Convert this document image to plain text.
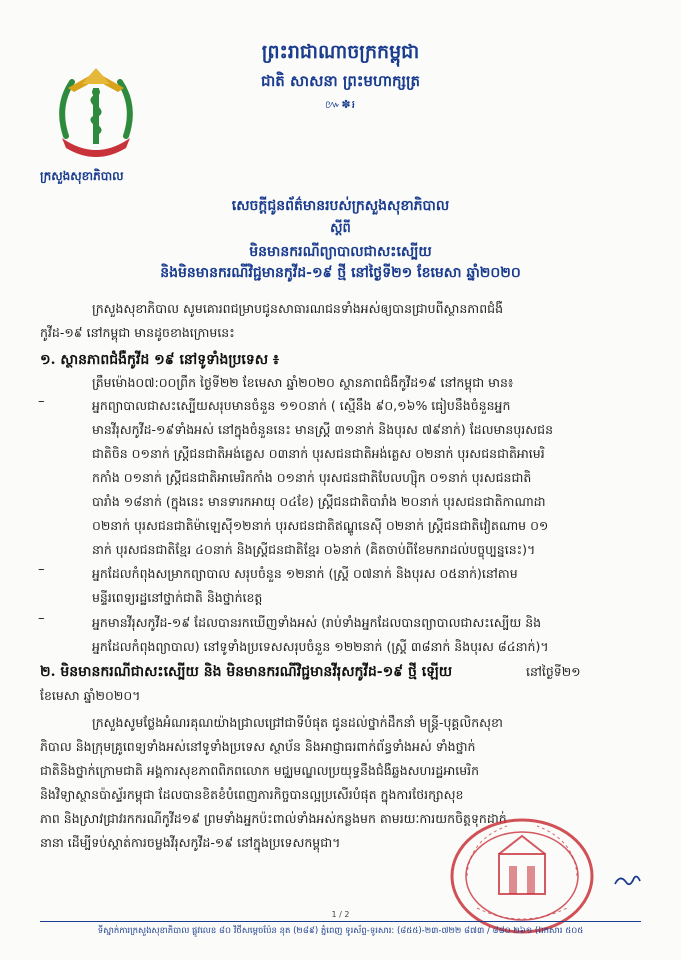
ក្រសួងសុខាភិបាល
ព្រះរាជាណាចក្រកម្ពុជា
ជាតិ សាសនា ព្រះមហាក្សត្រ
៚✽៛
សេចក្តីជូនព័ត៌មានរបស់ក្រសួងសុខាភិបាល
ស្តីពី
មិនមានករណីព្យាបាលជាសះស្បើយ
និងមិនមានករណីវិជ្ជមានកូវីដ-១៩ ថ្មី នៅថ្ងៃទី២១ ខែមេសា ឆ្នាំ២០២០
ក្រសួងសុខាភិបាល សូមគោរពជម្រាបជូនសាធារណជនទាំងអស់ឲ្យបានជ្រាបពីស្ថានភាពជំងឺ
កូវីដ-១៩ នៅកម្ពុជា មានដូចខាងក្រោមនេះ
១. ស្ថានភាពជំងឺកូវីដ ១៩ នៅទូទាំងប្រទេស ៖
ត្រឹមម៉ោង០៧:០០ព្រឹក ថ្ងៃទី២២ ខែមេសា ឆ្នាំ២០២០ ស្ថានភាពជំងឺកូវីដ១៩ នៅកម្ពុជា មាន៖
–	អ្នកព្យាបាលជាសះស្បើយសរុបមានចំនួន ១១០នាក់ ( ស្មើនឹង ៩០,១៦% ធៀបនឹងចំនួនអ្នក
មានវីរុសកូវីដ-១៩ទាំងអស់ នៅក្នុងចំនួននេះ មានស្ត្រី ៣១នាក់ និងបុរស ៧៩នាក់) ដែលមានបុរសជន
ជាតិចិន ០១នាក់ ស្ត្រីជនជាតិអង់គ្លេស ០៣នាក់ បុរសជនជាតិអង់គ្លេស ០២នាក់ បុរសជនជាតិអាមេរិ
កកាំង ០១នាក់ ស្ត្រីជនជាតិអាមេរិកកាំង ០១នាក់ បុរសជនជាតិបែលហ្ស៊ិក ០១នាក់ បុរសជនជាតិ
បារាំង ១៨នាក់ (ក្នុងនេះ មានទារកអាយុ ០៤ខែ) ស្ត្រីជនជាតិបារាំង ២០នាក់ បុរសជនជាតិកាណាដា
០២នាក់ បុរសជនជាតិម៉ាឡេស៊ី១២នាក់ បុរសជនជាតិឥណ្ឌូនេស៊ី ០២នាក់ ស្ត្រីជនជាតិវៀតណាម ០១
នាក់ បុរសជនជាតិខ្មែរ ៤០នាក់ និងស្ត្រីជនជាតិខ្មែរ ០៦នាក់ (គិតចាប់ពីខែមករាដល់បច្ចុប្បន្ននេះ)។
–	អ្នកដែលកំពុងសម្រាកព្យាបាល សរុបចំនួន ១២នាក់ (ស្ត្រី ០៧នាក់ និងបុរស ០៥នាក់)នៅតាម
មន្ទីរពេទ្យរដ្ឋនៅថ្នាក់ជាតិ និងថ្នាក់ខេត្ត
–	អ្នកមានវីរុសកូវីដ-១៩ ដែលបានរកឃើញទាំងអស់ (រាប់ទាំងអ្នកដែលបានព្យាបាលជាសះស្បើយ និង
អ្នកដែលកំពុងព្យាបាល) នៅទូទាំងប្រទេសសរុបចំនួន ១២២នាក់ (ស្ត្រី ៣៨នាក់ និងបុរស ៨៤នាក់)។
២. មិនមានករណីជាសះស្បើយ និង មិនមានករណីវិជ្ជមានវីរុសកូវីដ-១៩ ថ្មី ឡើយ	នៅថ្ងៃទី២១
ខែមេសា ឆ្នាំ២០២០។
ក្រសួងសូមថ្លែងអំណរគុណយ៉ាងជ្រាលជ្រៅជាទីបំផុត ជូនដល់ថ្នាក់ដឹកនាំ មន្ត្រី-បុគ្គលិកសុខា
ភិបាល និងក្រុមគ្រូពេទ្យទាំងអស់នៅទូទាំងប្រទេស ស្ថាប័ន និងអាជ្ញាធរពាក់ព័ន្ធទាំងអស់ ទាំងថ្នាក់
ជាតិនិងថ្នាក់ក្រោមជាតិ អង្គការសុខភាពពិភពលោក មជ្ឈមណ្ឌលប្រយុទ្ធនឹងជំងឺឆ្លងសហរដ្ឋអាមេរិក
និងវិទ្យាស្ថានប៉ាស្ទ័រកម្ពុជា ដែលបានខិតខំបំពេញភារកិច្ចបានល្អប្រសើរបំផុត ក្នុងការថែរក្សាសុខ
ភាព និងស្រាវជ្រាវរកករណីកូវីដ១៩ ព្រមទាំងអ្នកប៉ះពាល់ទាំងអស់កន្លងមក តាមរយៈការយកចិត្តទុកដាក់
នានា ដើម្បីទប់ស្កាត់ការចម្លងវីរុសកូវីដ-១៩ នៅក្នុងប្រទេសកម្ពុជា។
1 / 2
ទីស្នាក់ការក្រសួងសុខាភិបាល ផ្លូវលេខ ៨០ វិថីសម្តេចប៉ែន នុត (២៨៩) ភ្នំពេញ ទូរស័ព្ទ-ទូរសារ: (៨៥៥)-២៣-៧២២ ៨៧៣ / ៨៨០ ២៦១ (ឯកសារ ៥០៥
